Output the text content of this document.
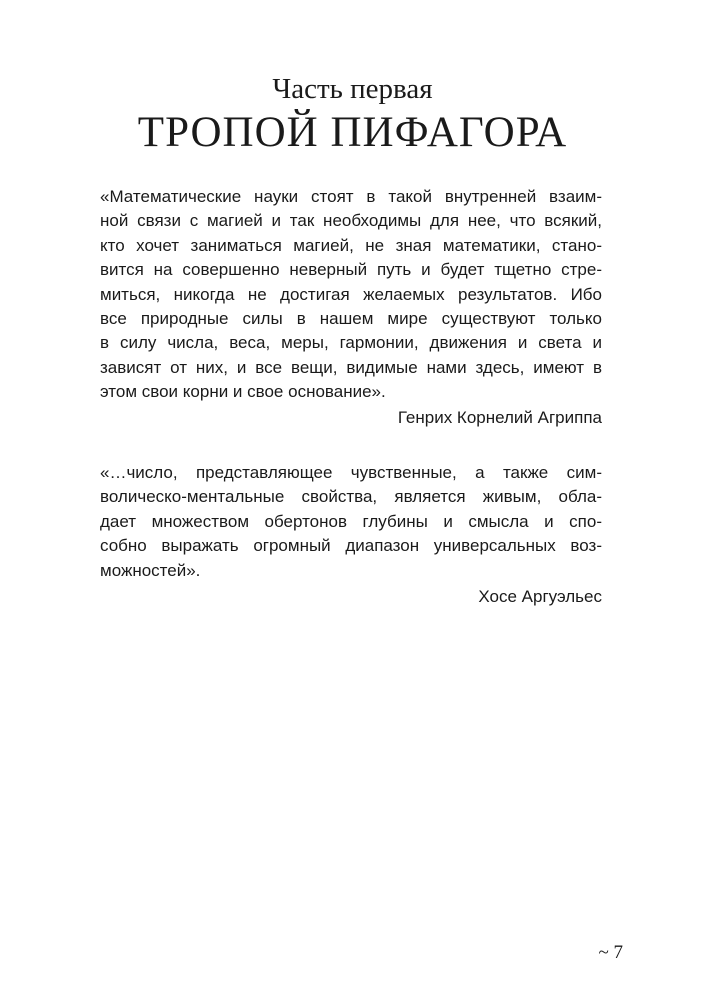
Часть первая
ТРОПОЙ ПИФАГОРА
«Математические науки стоят в такой внутренней взаим-
ной связи с магией и так необходимы для нее, что всякий,
кто хочет заниматься магией, не зная математики, стано-
вится на совершенно неверный путь и будет тщетно стре-
миться, никогда не достигая желаемых результатов. Ибо
все природные силы в нашем мире существуют только
в силу числа, веса, меры, гармонии, движения и света и
зависят от них, и все вещи, видимые нами здесь, имеют в
этом свои корни и свое основание».
Генрих Корнелий Агриппа
«…число, представляющее чувственные, а также сим-
волическо-ментальные свойства, является живым, обла-
дает множеством обертонов глубины и смысла и спо-
собно выражать огромный диапазон универсальных воз-
можностей».
Хосе Аргуэльес
~ 7
